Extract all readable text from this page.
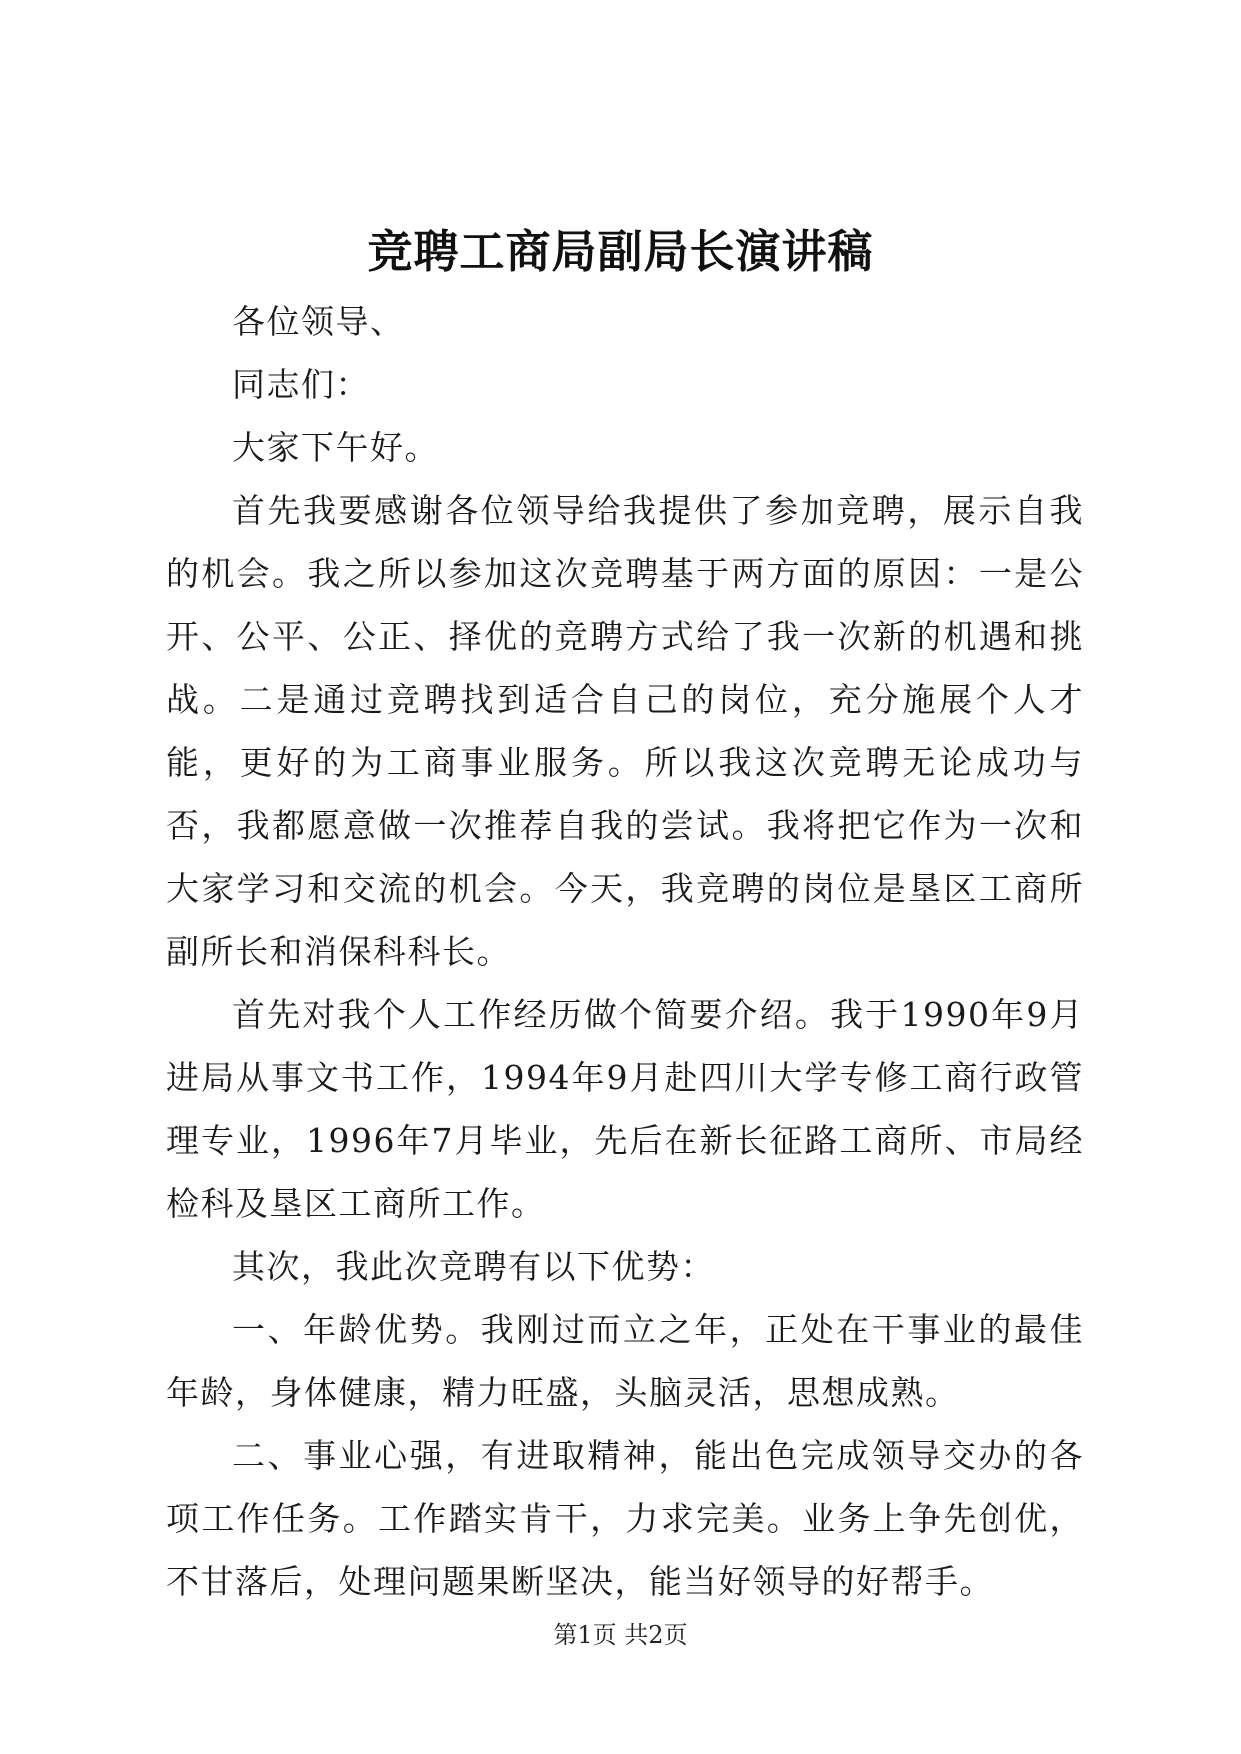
竞聘工商局副局长演讲稿

各位领导、

同志们：

大家下午好。

首先我要感谢各位领导给我提供了参加竞聘，展示自我的机会。我之所以参加这次竞聘基于两方面的原因：一是公开、公平、公正、择优的竞聘方式给了我一次新的机遇和挑战。二是通过竞聘找到适合自己的岗位，充分施展个人才能，更好的为工商事业服务。所以我这次竞聘无论成功与否，我都愿意做一次推荐自我的尝试。我将把它作为一次和大家学习和交流的机会。今天，我竞聘的岗位是垦区工商所副所长和消保科科长。

首先对我个人工作经历做个简要介绍。我于1990年9月进局从事文书工作，1994年9月赴四川大学专修工商行政管理专业，1996年7月毕业，先后在新长征路工商所、市局经检科及垦区工商所工作。

其次，我此次竞聘有以下优势：

一、年龄优势。我刚过而立之年，正处在干事业的最佳年龄，身体健康，精力旺盛，头脑灵活，思想成熟。

二、事业心强，有进取精神，能出色完成领导交办的各项工作任务。工作踏实肯干，力求完美。业务上争先创优，不甘落后，处理问题果断坚决，能当好领导的好帮手。

第1页 共2页
